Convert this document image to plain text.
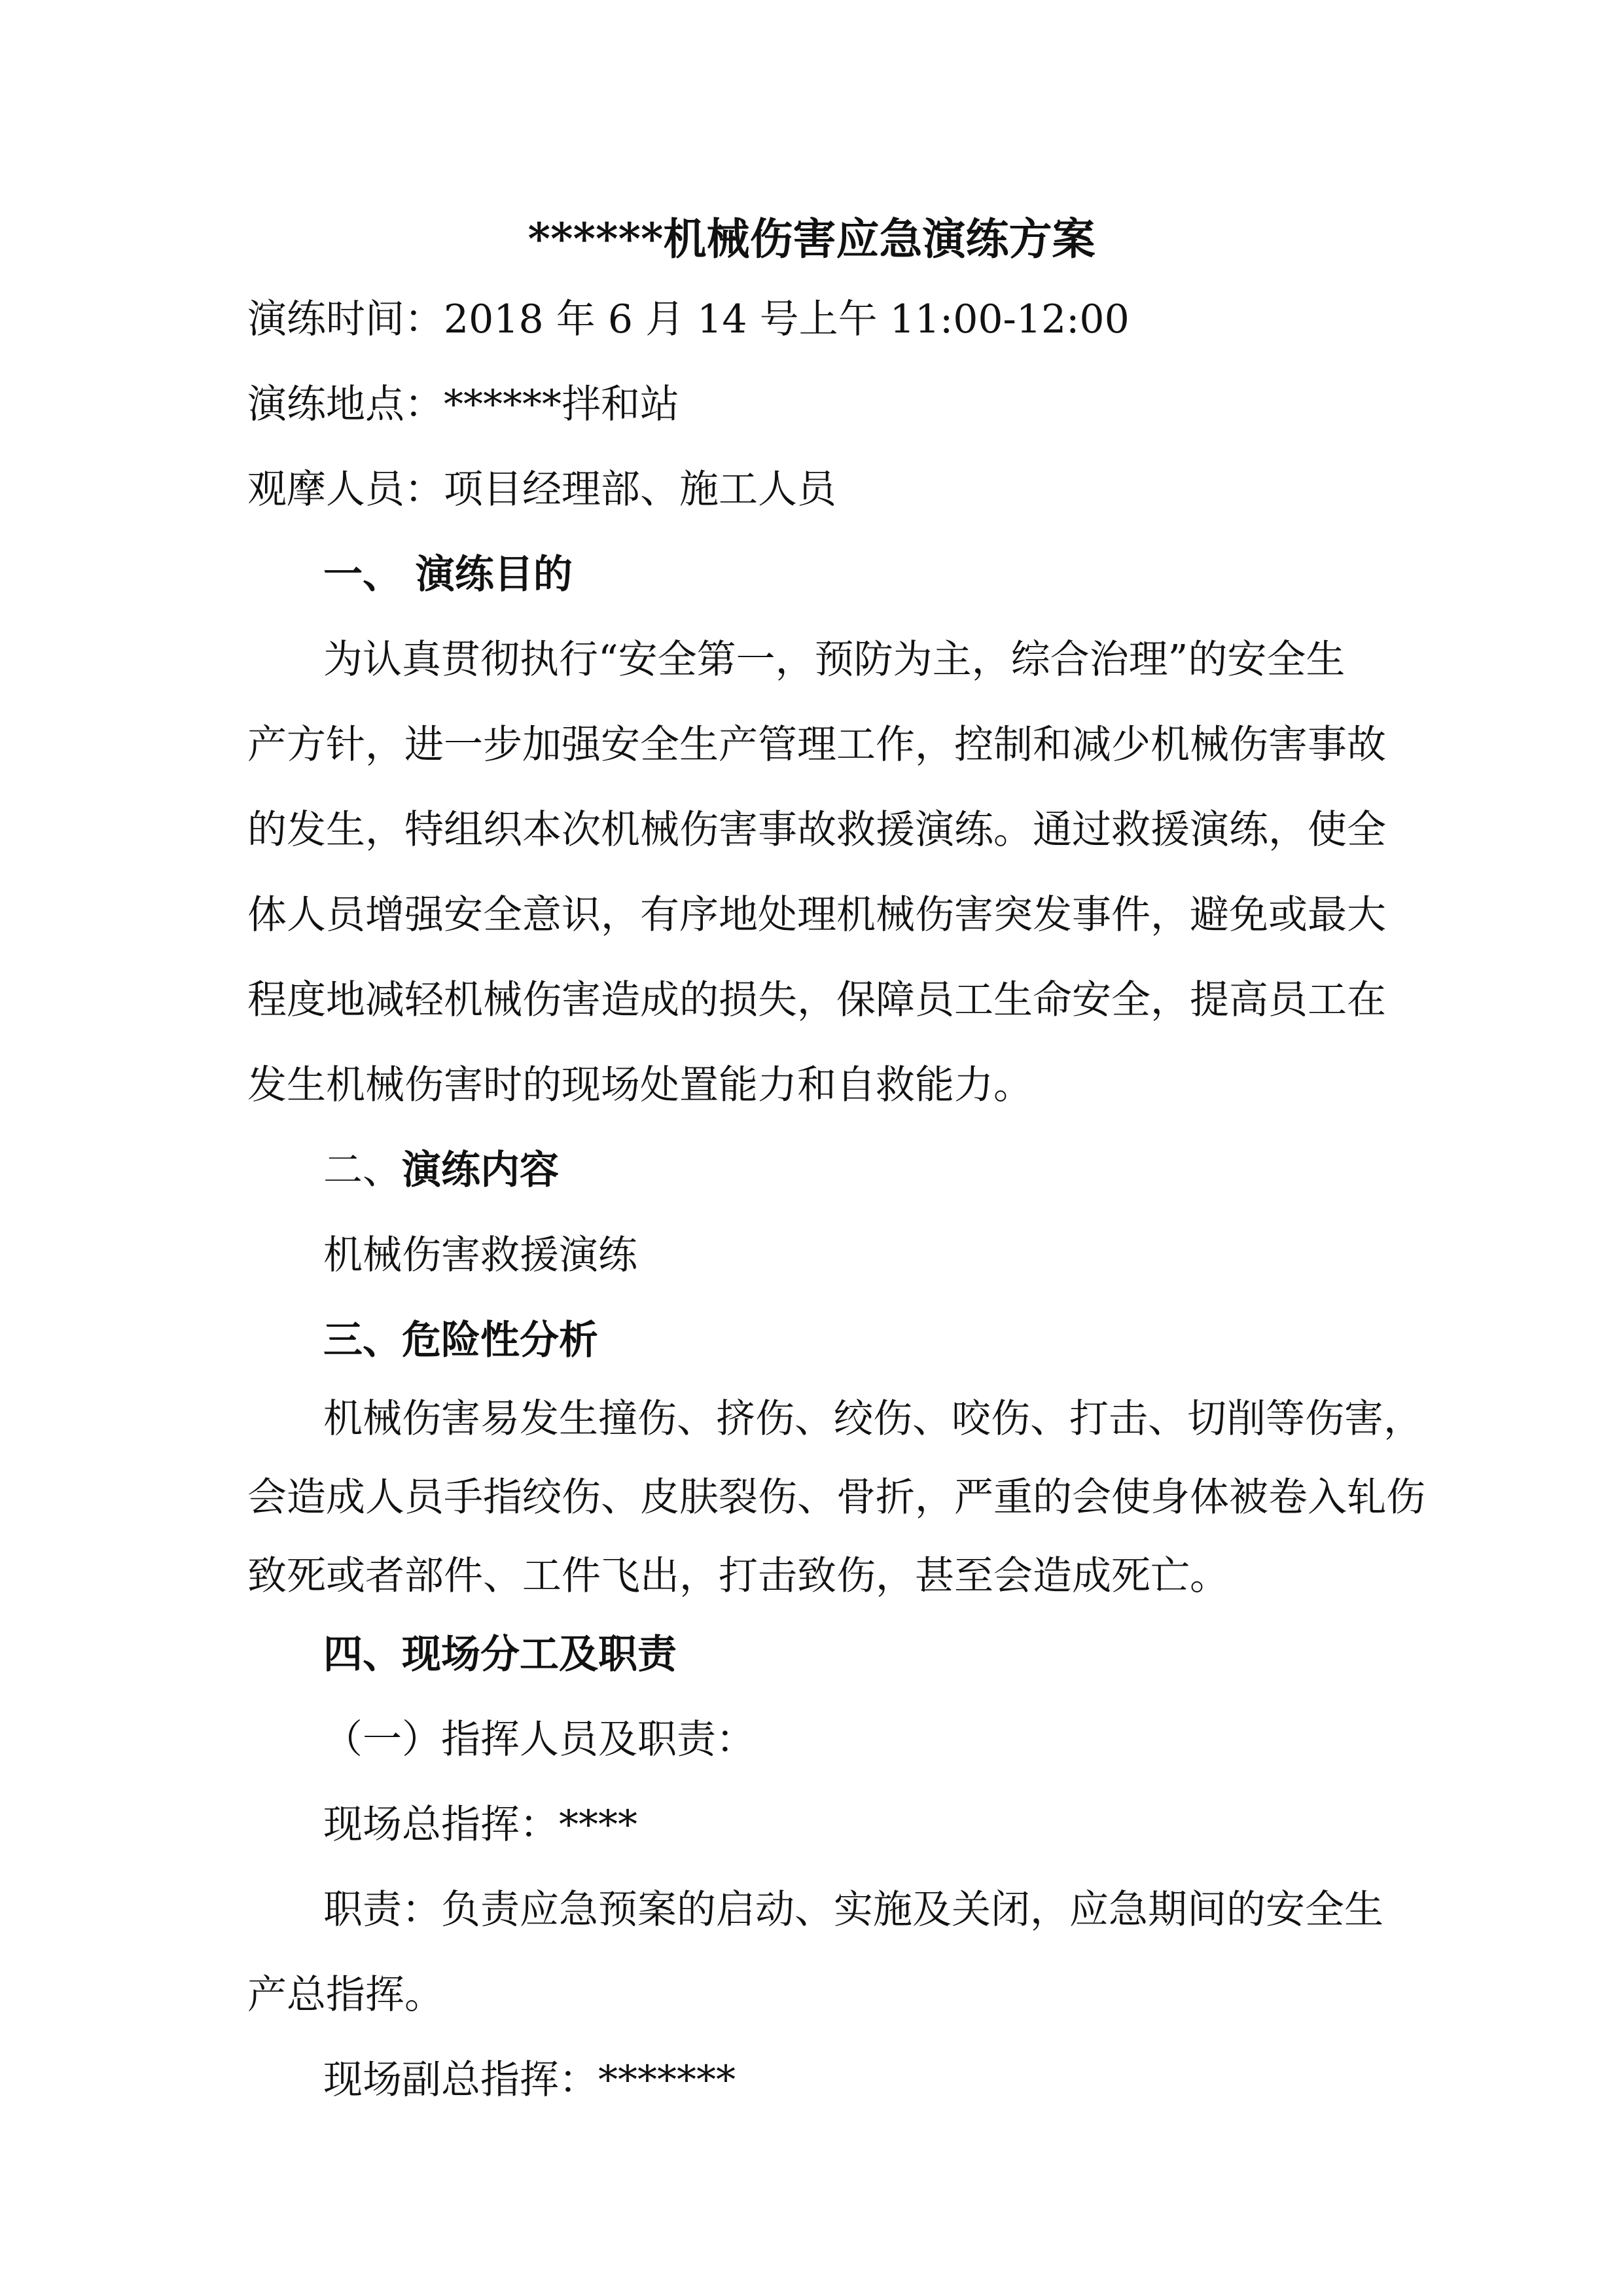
******机械伤害应急演练方案

演练时间：2018 年 6 月 14 号上午 11:00-12:00

演练地点：******拌和站

观摩人员：项目经理部、施工人员

一、 演练目的

为认真贯彻执行“安全第一，预防为主，综合治理”的安全生

产方针，进一步加强安全生产管理工作，控制和减少机械伤害事故

的发生，特组织本次机械伤害事故救援演练。通过救援演练，使全

体人员增强安全意识，有序地处理机械伤害突发事件，避免或最大

程度地减轻机械伤害造成的损失，保障员工生命安全，提高员工在

发生机械伤害时的现场处置能力和自救能力。

二、演练内容

机械伤害救援演练

三、危险性分析

机械伤害易发生撞伤、挤伤、绞伤、咬伤、打击、切削等伤害，

会造成人员手指绞伤、皮肤裂伤、骨折，严重的会使身体被卷入轧伤

致死或者部件、工件飞出，打击致伤，甚至会造成死亡。

四、现场分工及职责

（一）指挥人员及职责：

现场总指挥：****

职责：负责应急预案的启动、实施及关闭，应急期间的安全生

产总指挥。

现场副总指挥：*******
